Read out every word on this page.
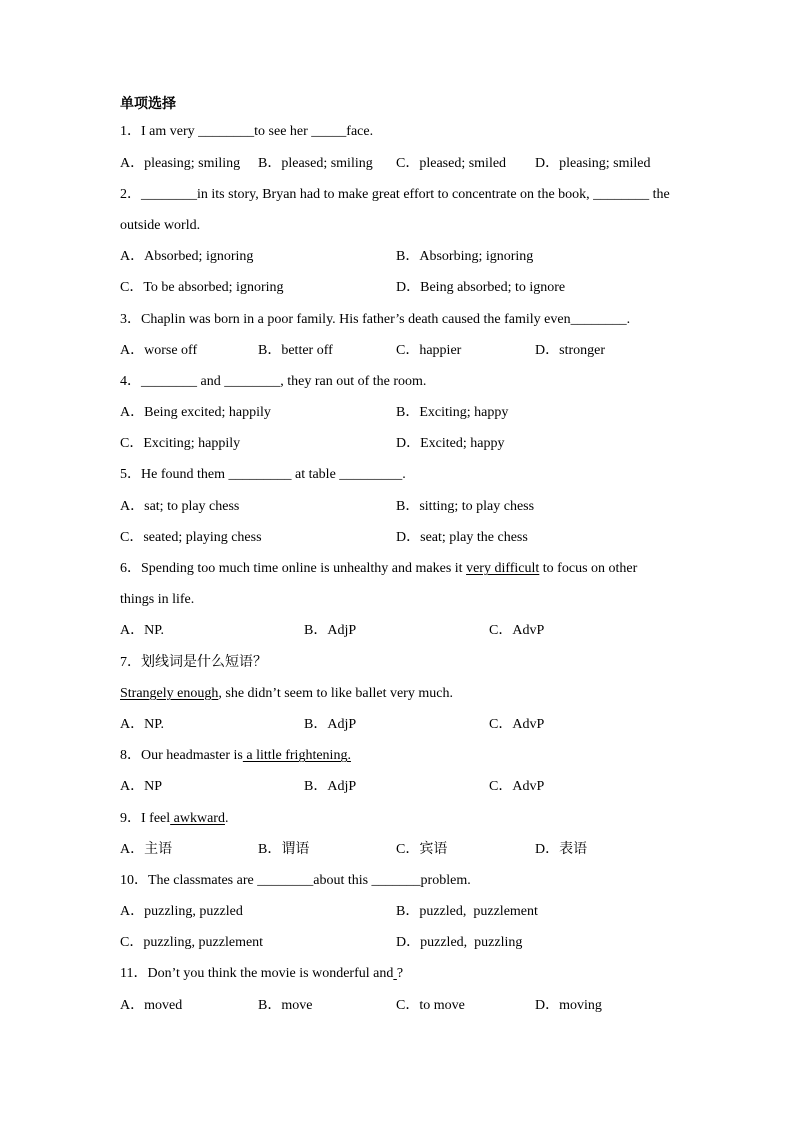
单项选择
1．I am very ________to see her _____face.
A．pleasing; smiling B．pleased; smiling C．pleased; smiled D．pleasing; smiled
2．________in its story, Bryan had to make great effort to concentrate on the book, ________ the
outside world.
A．Absorbed; ignoring	B．Absorbing; ignoring
C．To be absorbed; ignoring	D．Being absorbed; to ignore
3．Chaplin was born in a poor family. His father’s death caused the family even________.
A．worse off	B．better off	C．happier	D．stronger
4．________ and ________, they ran out of the room.
A．Being excited; happily	B．Exciting; happy
C．Exciting; happily	D．Excited; happy
5．He found them _________ at table _________.
A．sat; to play chess	B．sitting; to play chess
C．seated; playing chess	D．seat; play the chess
6．Spending too much time online is unhealthy and makes it very difficult to focus on other
things in life.
A．NP.	B．AdjP	C．AdvP
7．划线词是什么短语？
Strangely enough, she didn’t seem to like ballet very much.
A．NP.	B．AdjP	C．AdvP
8．Our headmaster is a little frightening.
A．NP	B．AdjP	C．AdvP
9．I feel awkward.
A．主语	B．谓语	C．宾语	D．表语
10．The classmates are ________about this _______problem.
A．puzzling, puzzled	B．puzzled,  puzzlement
C．puzzling, puzzlement	D．puzzled,  puzzling
11．Don’t you think the movie is wonderful and ?
A．moved	B．move	C．to move	D．moving
